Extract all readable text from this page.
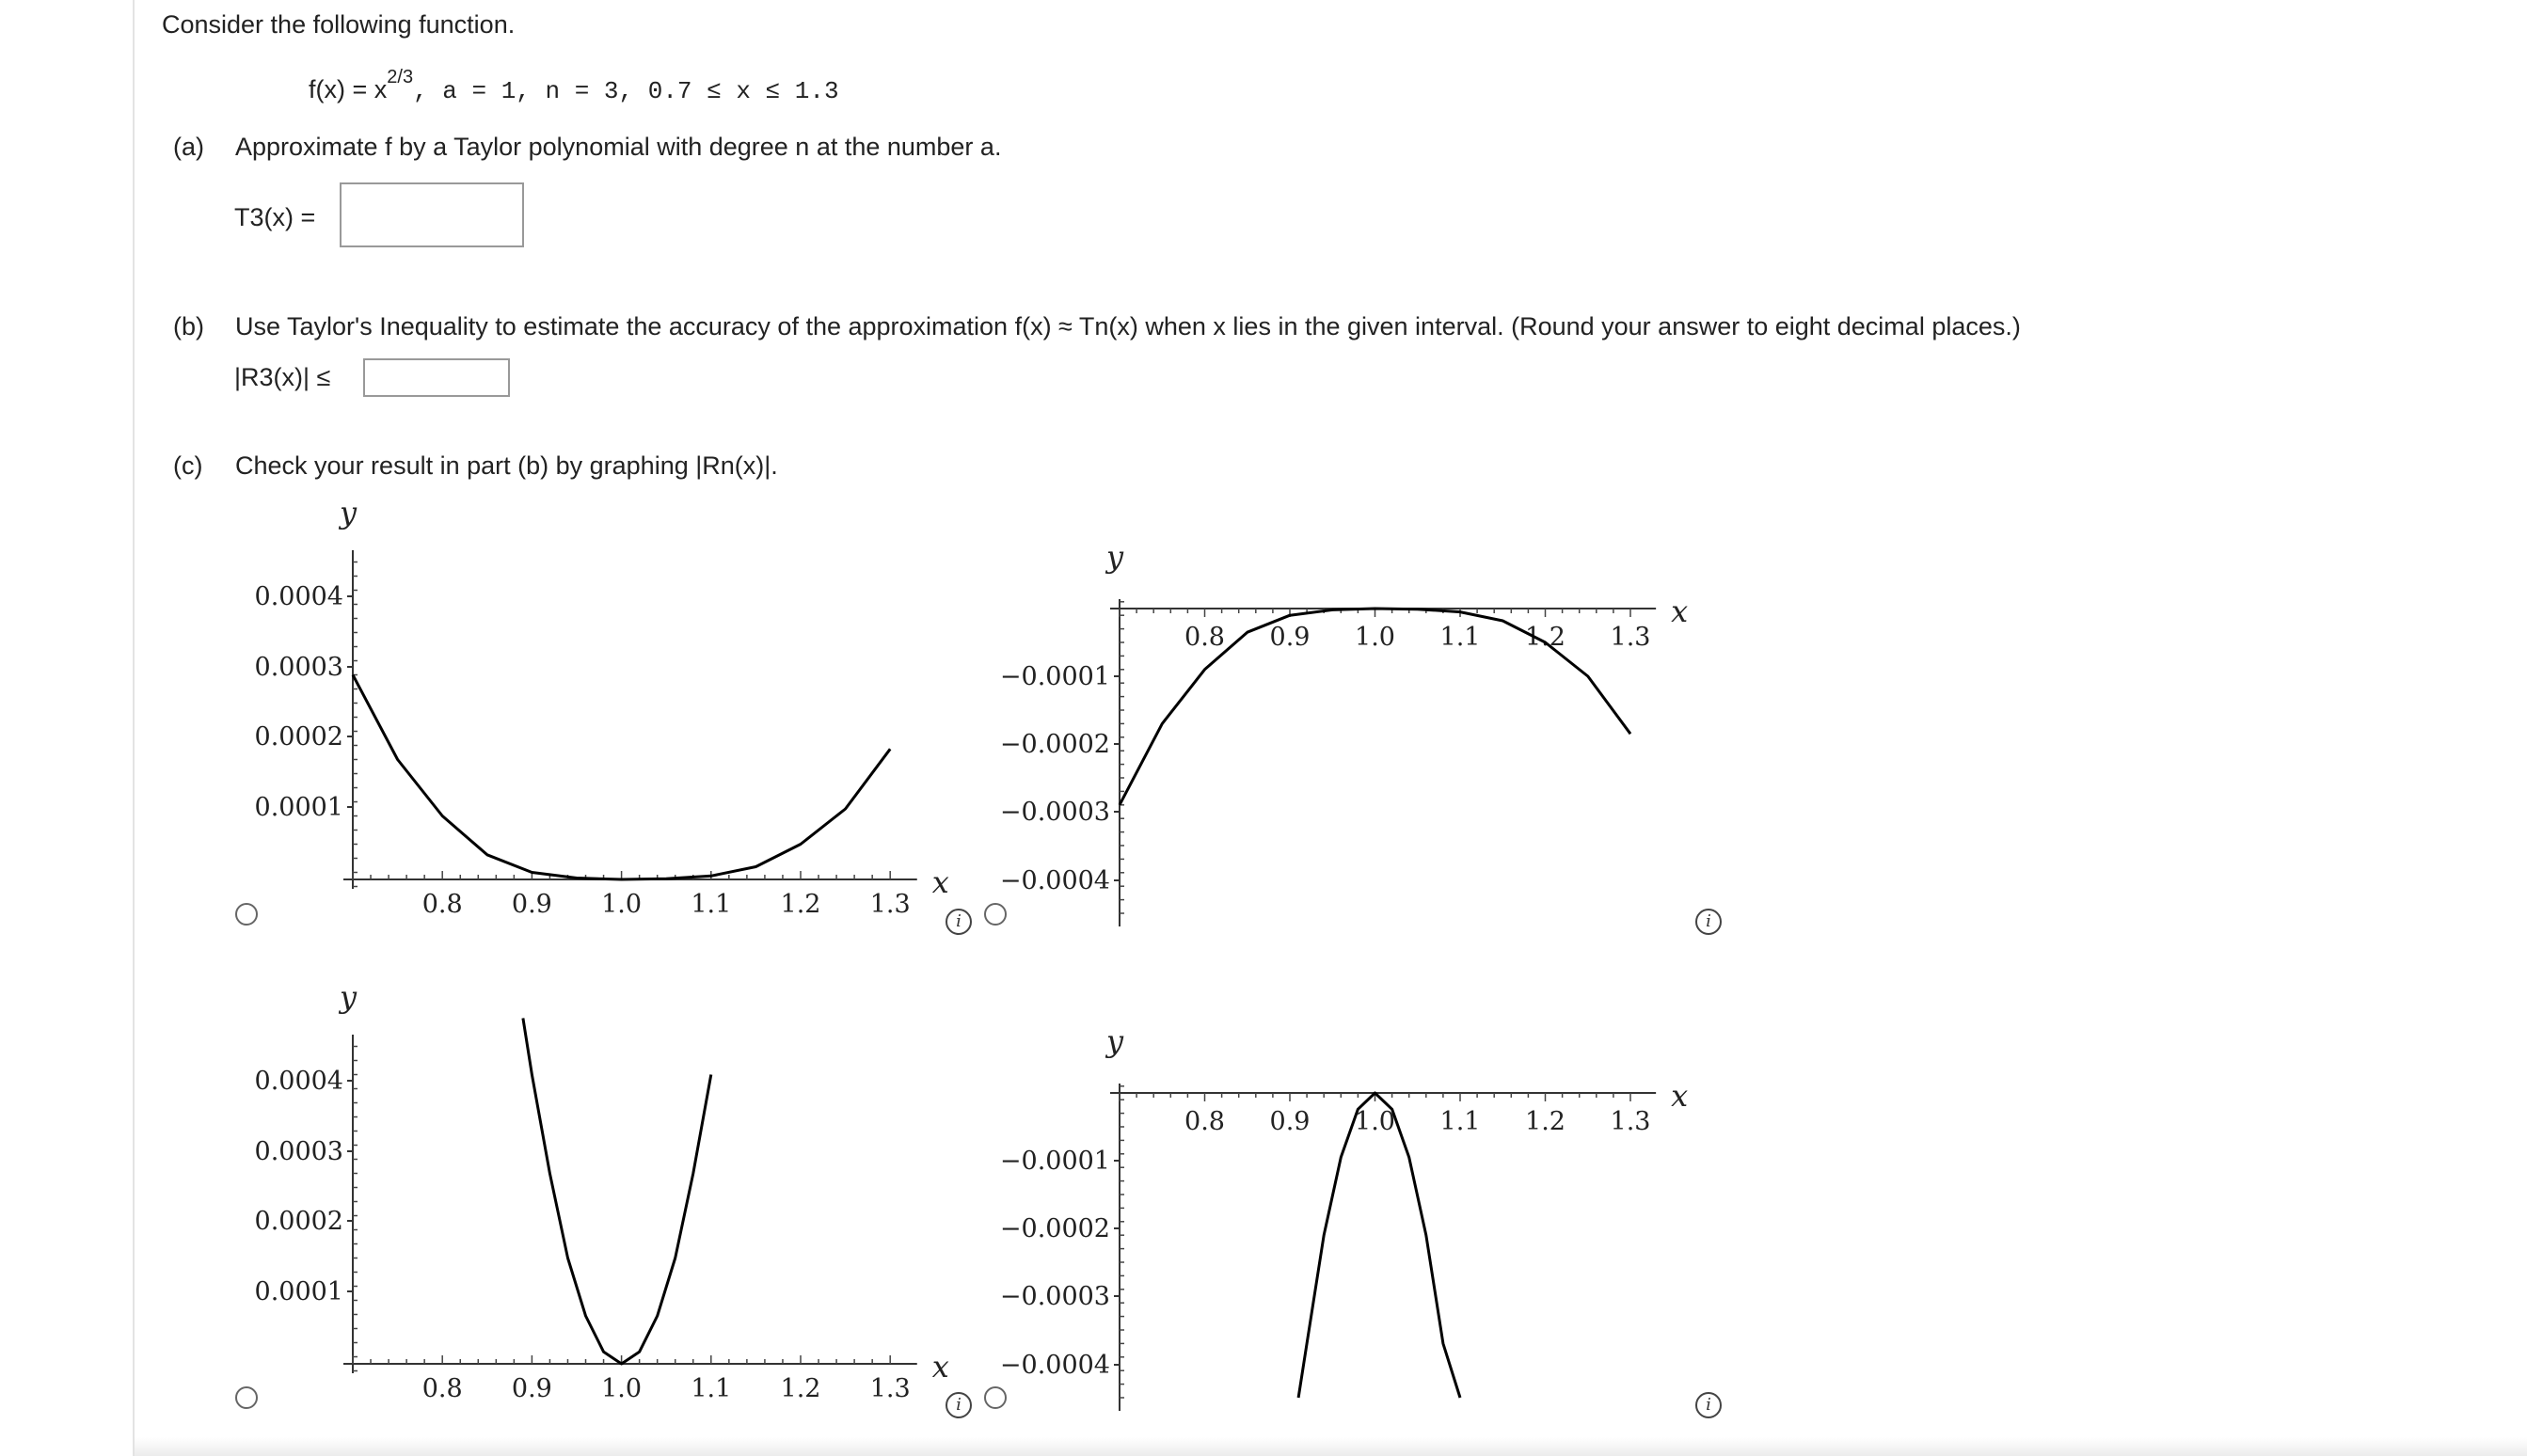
Consider the following function.
$f(x) = x^{2/3}$, a = 1, n = 3, 0.7 ≤ x ≤ 1.3
(a) Approximate f by a Taylor polynomial with degree n at the number a.
T3(x) =
(b) Use Taylor's Inequality to estimate the accuracy of the approximation f(x) ≈ Tn(x) when x lies in the given interval. (Round your answer to eight decimal places.)
|R3(x)| ≤
(c) Check your result in part (b) by graphing |Rn(x)|.
0.8 0.9 1.0 1.1 1.2 1.3
0.0004
0.0003
0.0002
0.0001
y
x
0.8 0.9 1.0 1.1 1.2 1.3
−0.0001
−0.0002
−0.0003
−0.0004
y
x
0.8 0.9 1.0 1.1 1.2 1.3
0.0004
0.0003
0.0002
0.0001
y
x
0.8 0.9 1.0 1.1 1.2 1.3
−0.0001
−0.0002
−0.0003
−0.0004
y
x
i	i
i	i
